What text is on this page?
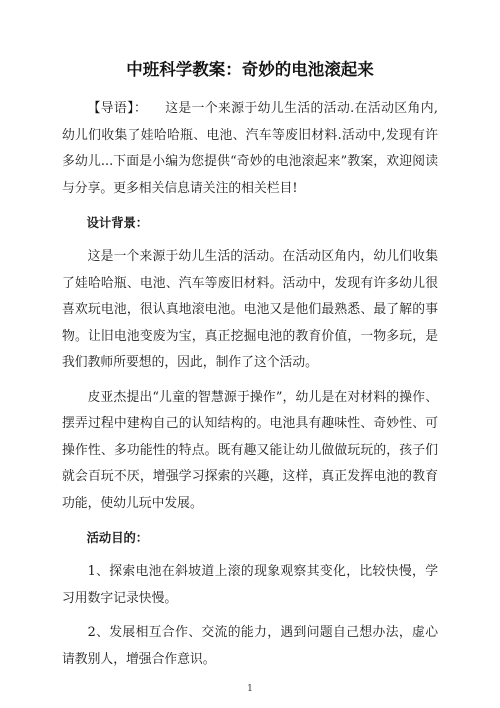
中班科学教案：奇妙的电池滚起来

【导语】： 这是一个来源于幼儿生活的活动.在活动区角内,幼儿们收集了娃哈哈瓶、电池、汽车等废旧材料.活动中,发现有许多幼儿...下面是小编为您提供“奇妙的电池滚起来”教案，欢迎阅读与分享。更多相关信息请关注的相关栏目!

设计背景：

这是一个来源于幼儿生活的活动。在活动区角内，幼儿们收集了娃哈哈瓶、电池、汽车等废旧材料。活动中，发现有许多幼儿很喜欢玩电池，很认真地滚电池。电池又是他们最熟悉、最了解的事物。让旧电池变废为宝，真正挖掘电池的教育价值，一物多玩，是我们教师所要想的，因此，制作了这个活动。

皮亚杰提出“儿童的智慧源于操作”，幼儿是在对材料的操作、摆弄过程中建构自己的认知结构的。电池具有趣味性、奇妙性、可操作性、多功能性的特点。既有趣又能让幼儿做做玩玩的，孩子们就会百玩不厌，增强学习探索的兴趣，这样，真正发挥电池的教育功能，使幼儿玩中发展。

活动目的：

1、探索电池在斜坡道上滚的现象观察其变化，比较快慢，学习用数字记录快慢。

2、发展相互合作、交流的能力，遇到问题自己想办法，虚心请教别人，增强合作意识。

1
